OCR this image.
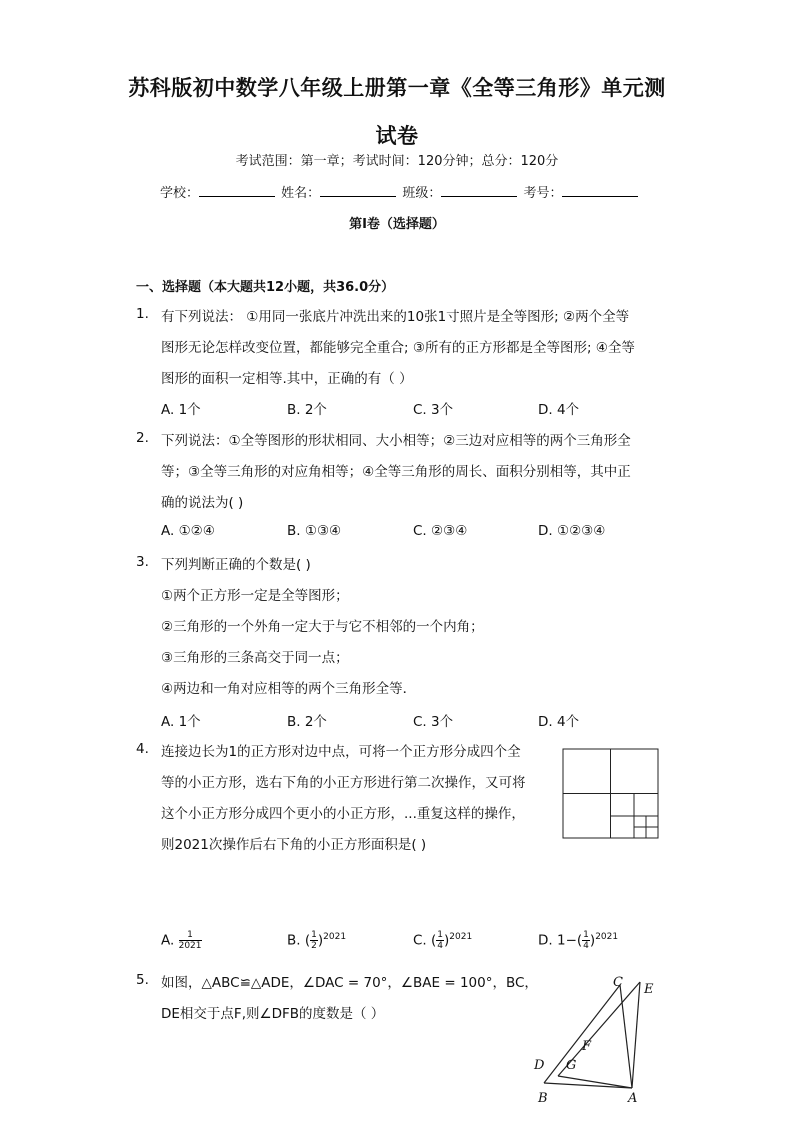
苏科版初中数学八年级上册第一章《全等三角形》单元测
试卷
考试范围：第一章；考试时间：120分钟；总分：120分
学校：	姓名：	班级：	考号：
第I卷（选择题）
一、选择题（本大题共12小题，共36.0分）
1. 有下列说法： ①用同一张底片冲洗出来的10张1寸照片是全等图形; ②两个全等
图形无论怎样改变位置，都能够完全重合; ③所有的正方形都是全等图形; ④全等
图形的面积一定相等.其中，正确的有（ ）
A. 1个	B. 2个	C. 3个	D. 4个
2. 下列说法：①全等图形的形状相同、大小相等；②三边对应相等的两个三角形全
等；③全等三角形的对应角相等；④全等三角形的周长、面积分别相等，其中正
确的说法为( )
A. ①②④	B. ①③④	C. ②③④	D. ①②③④
3. 下列判断正确的个数是( )
①两个正方形一定是全等图形；
②三角形的一个外角一定大于与它不相邻的一个内角；
③三角形的三条高交于同一点；
④两边和一角对应相等的两个三角形全等．
A. 1个	B. 2个	C. 3个	D. 4个
4. 连接边长为1的正方形对边中点，可将一个正方形分成四个全
等的小正方形，选右下角的小正方形进行第二次操作，又可将
这个小正方形分成四个更小的小正方形，...重复这样的操作，
则2021次操作后右下角的小正方形面积是( )
A. $\frac{1}{2021}$	B. ( $\frac{1}{2} )^{2021}$	C. ( $\frac{1}{4} )^{2021}$	D. $1-( \frac{1}{4} )^{2021}$
5. 如图，△ABC≌△ADE，∠DAC = 70°，∠BAE = 100°，BC，
DE相交于点F,则∠DFB的度数是（ ）
C E
F
D G
B	A
